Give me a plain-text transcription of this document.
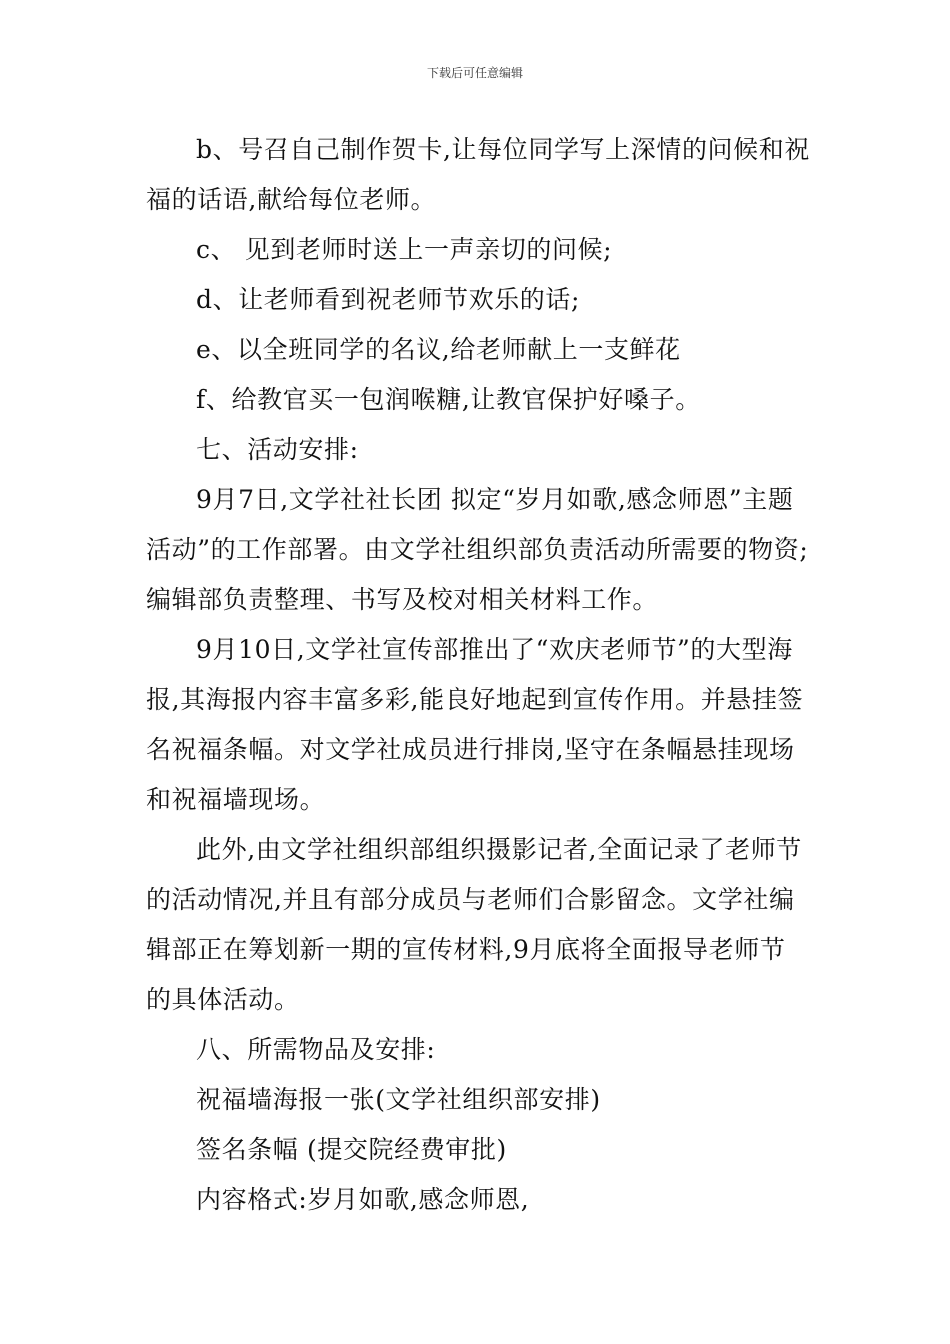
下载后可任意编辑

b、号召自己制作贺卡,让每位同学写上深情的问候和祝福的话语,献给每位老师。

c、 见到老师时送上一声亲切的问候;

d、让老师看到祝老师节欢乐的话;

e、以全班同学的名议,给老师献上一支鲜花

f、给教官买一包润喉糖,让教官保护好嗓子。

七、活动安排:

9月7日,文学社社长团 拟定“岁月如歌,感念师恩”主题活动”的工作部署。由文学社组织部负责活动所需要的物资;编辑部负责整理、书写及校对相关材料工作。

9月10日,文学社宣传部推出了“欢庆老师节”的大型海报,其海报内容丰富多彩,能良好地起到宣传作用。并悬挂签名祝福条幅。对文学社成员进行排岗,坚守在条幅悬挂现场和祝福墙现场。

此外,由文学社组织部组织摄影记者,全面记录了老师节的活动情况,并且有部分成员与老师们合影留念。文学社编辑部正在筹划新一期的宣传材料,9月底将全面报导老师节的具体活动。

八、所需物品及安排:

祝福墙海报一张(文学社组织部安排)

签名条幅 (提交院经费审批)

内容格式:岁月如歌,感念师恩,
